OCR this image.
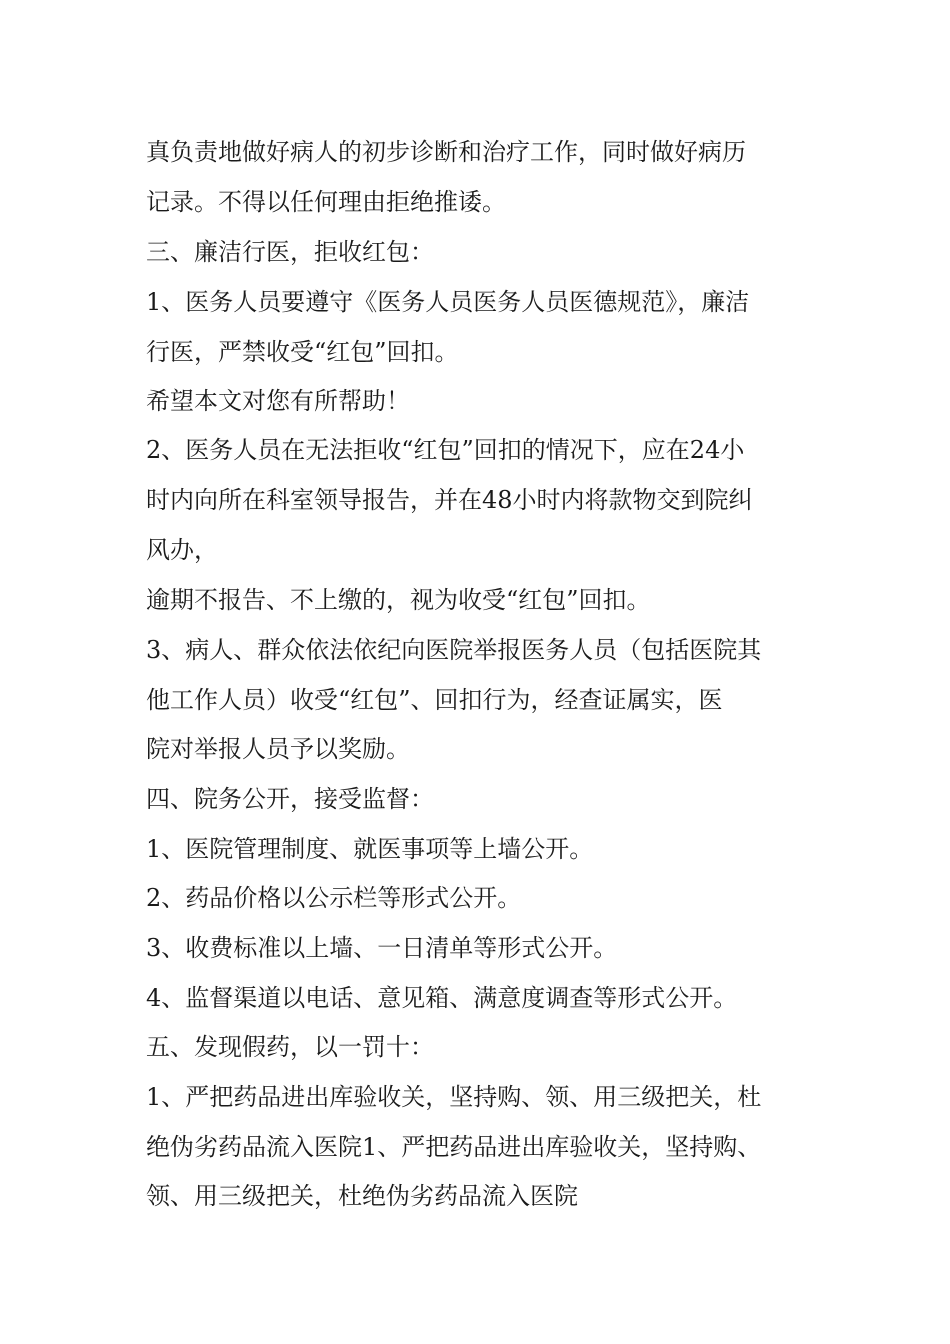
真负责地做好病人的初步诊断和治疗工作，同时做好病历
记录。不得以任何理由拒绝推诿。
三、廉洁行医，拒收红包：
1、医务人员要遵守《医务人员医务人员医德规范》，廉洁
行医，严禁收受“红包”回扣。
希望本文对您有所帮助！
2、医务人员在无法拒收“红包”回扣的情况下，应在24小
时内向所在科室领导报告，并在48小时内将款物交到院纠
风办，
逾期不报告、不上缴的，视为收受“红包”回扣。
3、病人、群众依法依纪向医院举报医务人员（包括医院其
他工作人员）收受“红包”、回扣行为，经查证属实，医
院对举报人员予以奖励。
四、院务公开，接受监督：
1、医院管理制度、就医事项等上墙公开。
2、药品价格以公示栏等形式公开。
3、收费标准以上墙、一日清单等形式公开。
4、监督渠道以电话、意见箱、满意度调查等形式公开。
五、发现假药，以一罚十：
1、严把药品进出库验收关，坚持购、领、用三级把关，杜
绝伪劣药品流入医院1、严把药品进出库验收关，坚持购、
领、用三级把关，杜绝伪劣药品流入医院
